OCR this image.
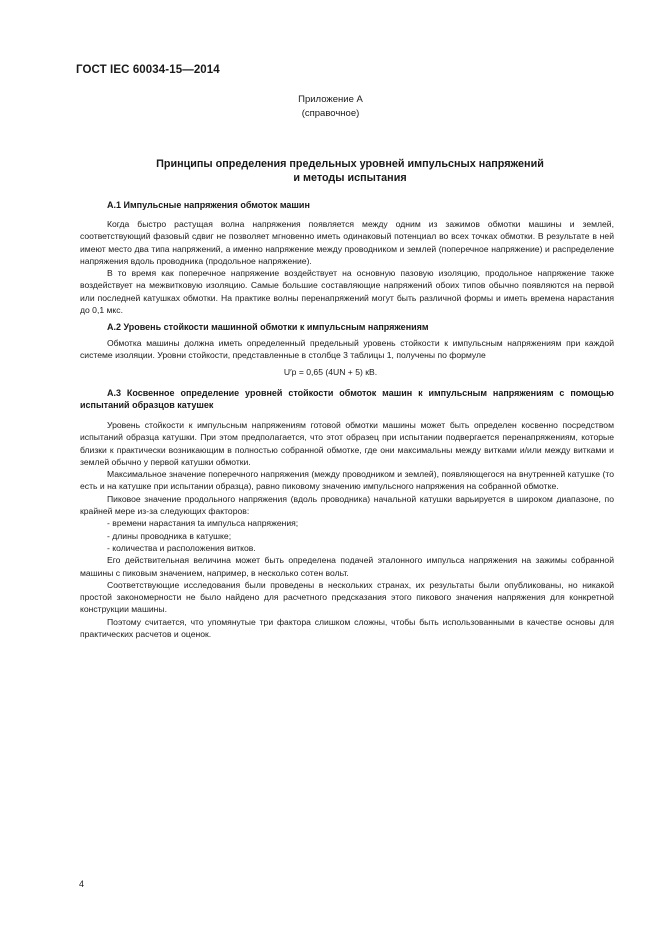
ГОСТ IEC 60034-15—2014
Приложение А
(справочное)
Принципы определения предельных уровней импульсных напряжений
и методы испытания
А.1 Импульсные напряжения обмоток машин

Когда быстро растущая волна напряжения появляется между одним из зажимов обмотки машины и землей, соответствующий фазовый сдвиг не позволяет мгновенно иметь одинаковый потенциал во всех точках обмотки. В результате в ней имеют место два типа напряжений, а именно напряжение между проводником и землей (поперечное напряжение) и распределение напряжения вдоль проводника (продольное напряжение).

В то время как поперечное напряжение воздействует на основную пазовую изоляцию, продольное напряжение также воздействует на межвитковую изоляцию. Самые большие составляющие напряжений обоих типов обычно появляются на первой или последней катушках обмотки. На практике волны перенапряжений могут быть различной формы и иметь времена нарастания до 0,1 мкс.

А.2 Уровень стойкости машинной обмотки к импульсным напряжениям

Обмотка машины должна иметь определенный предельный уровень стойкости к импульсным напряжениям при каждой системе изоляции. Уровни стойкости, представленные в столбце 3 таблицы 1, получены по формуле

U′p = 0,65 (4UN + 5) кВ.
А.3 Косвенное определение уровней стойкости обмоток машин к импульсным напряжениям с помощью испытаний образцов катушек

Уровень стойкости к импульсным напряжениям готовой обмотки машины может быть определен косвенно посредством испытаний образца катушки. При этом предполагается, что этот образец при испытании подвергается перенапряжениям, которые близки к практически возникающим в полностью собранной обмотке, где они максимальны между витками и/или между витками и землей обычно у первой катушки обмотки.

Максимальное значение поперечного напряжения (между проводником и землей), появляющегося на внутренней катушке (то есть и на катушке при испытании образца), равно пиковому значению импульсного напряжения на собранной обмотке.

Пиковое значение продольного напряжения (вдоль проводника) начальной катушки варьируется в широком диапазоне, по крайней мере из-за следующих факторов:

- времени нарастания ta импульса напряжения;
- длины проводника в катушке;
- количества и расположения витков.

Его действительная величина может быть определена подачей эталонного импульса напряжения на зажимы собранной машины с пиковым значением, например, в несколько сотен вольт.

Соответствующие исследования были проведены в нескольких странах, их результаты были опубликованы, но никакой простой закономерности не было найдено для расчетного предсказания этого пикового значения напряжения для конкретной конструкции машины.

Поэтому считается, что упомянутые три фактора слишком сложны, чтобы быть использованными в качестве основы для практических расчетов и оценок.

4
